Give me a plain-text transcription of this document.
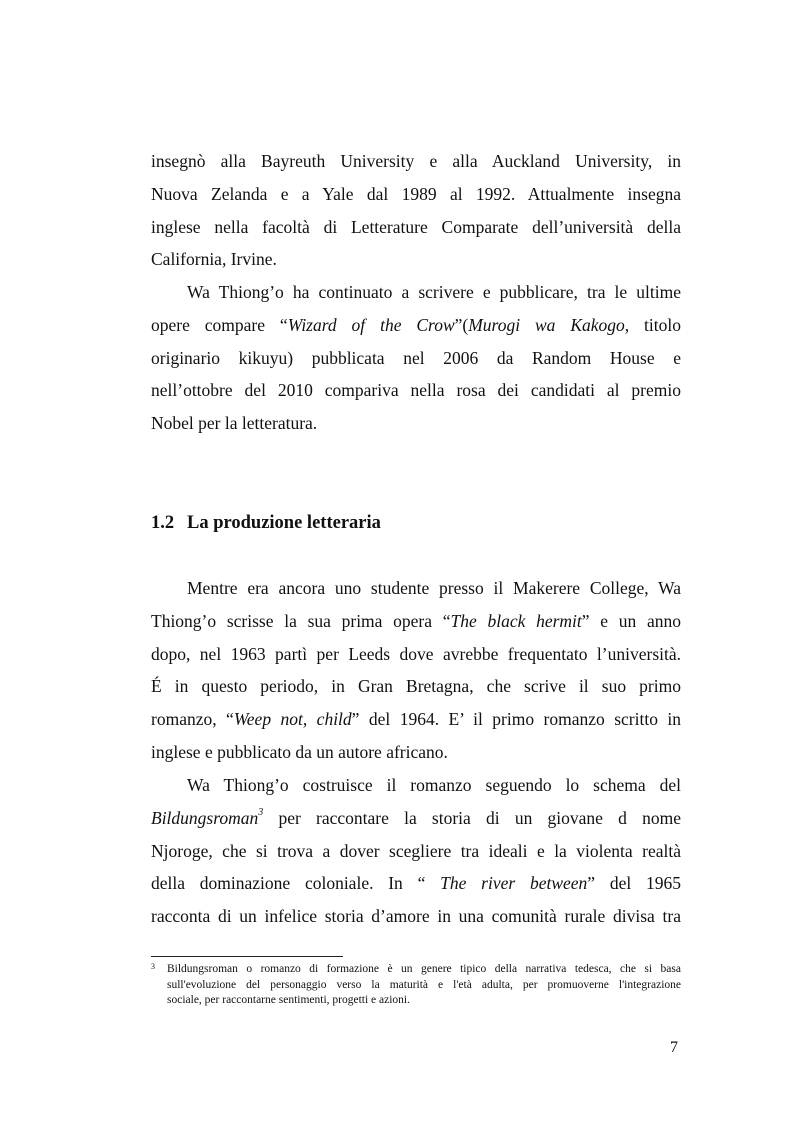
insegnò alla Bayreuth University e alla Auckland University, in
Nuova Zelanda e a Yale dal 1989 al 1992. Attualmente insegna
inglese nella facoltà di Letterature Comparate dell’università della
California, Irvine.
Wa Thiong’o ha continuato a scrivere e pubblicare, tra le ultime
opere compare “Wizard of the Crow”(Murogi wa Kakogo, titolo
originario kikuyu) pubblicata nel 2006 da Random House e
nell’ottobre del 2010 compariva nella rosa dei candidati al premio
Nobel per la letteratura.
1.2 La produzione letteraria
Mentre era ancora uno studente presso il Makerere College, Wa
Thiong’o scrisse la sua prima opera “The black hermit” e un anno
dopo, nel 1963 partì per Leeds dove avrebbe frequentato l’università.
É in questo periodo, in Gran Bretagna, che scrive il suo primo
romanzo, “Weep not, child” del 1964. E’ il primo romanzo scritto in
inglese e pubblicato da un autore africano.
Wa Thiong’o costruisce il romanzo seguendo lo schema del
Bildungsroman$^3$ per raccontare la storia di un giovane d nome
Njoroge, che si trova a dover scegliere tra ideali e la violenta realtà
della dominazione coloniale. In “ The river between” del 1965
racconta di un infelice storia d’amore in una comunità rurale divisa tra
3	Bildungsroman o romanzo di formazione è un genere tipico della narrativa tedesca, che si basa
sull'evoluzione del personaggio verso la maturità e l'età adulta, per promuoverne l'integrazione
sociale, per raccontarne sentimenti, progetti e azioni.
7
